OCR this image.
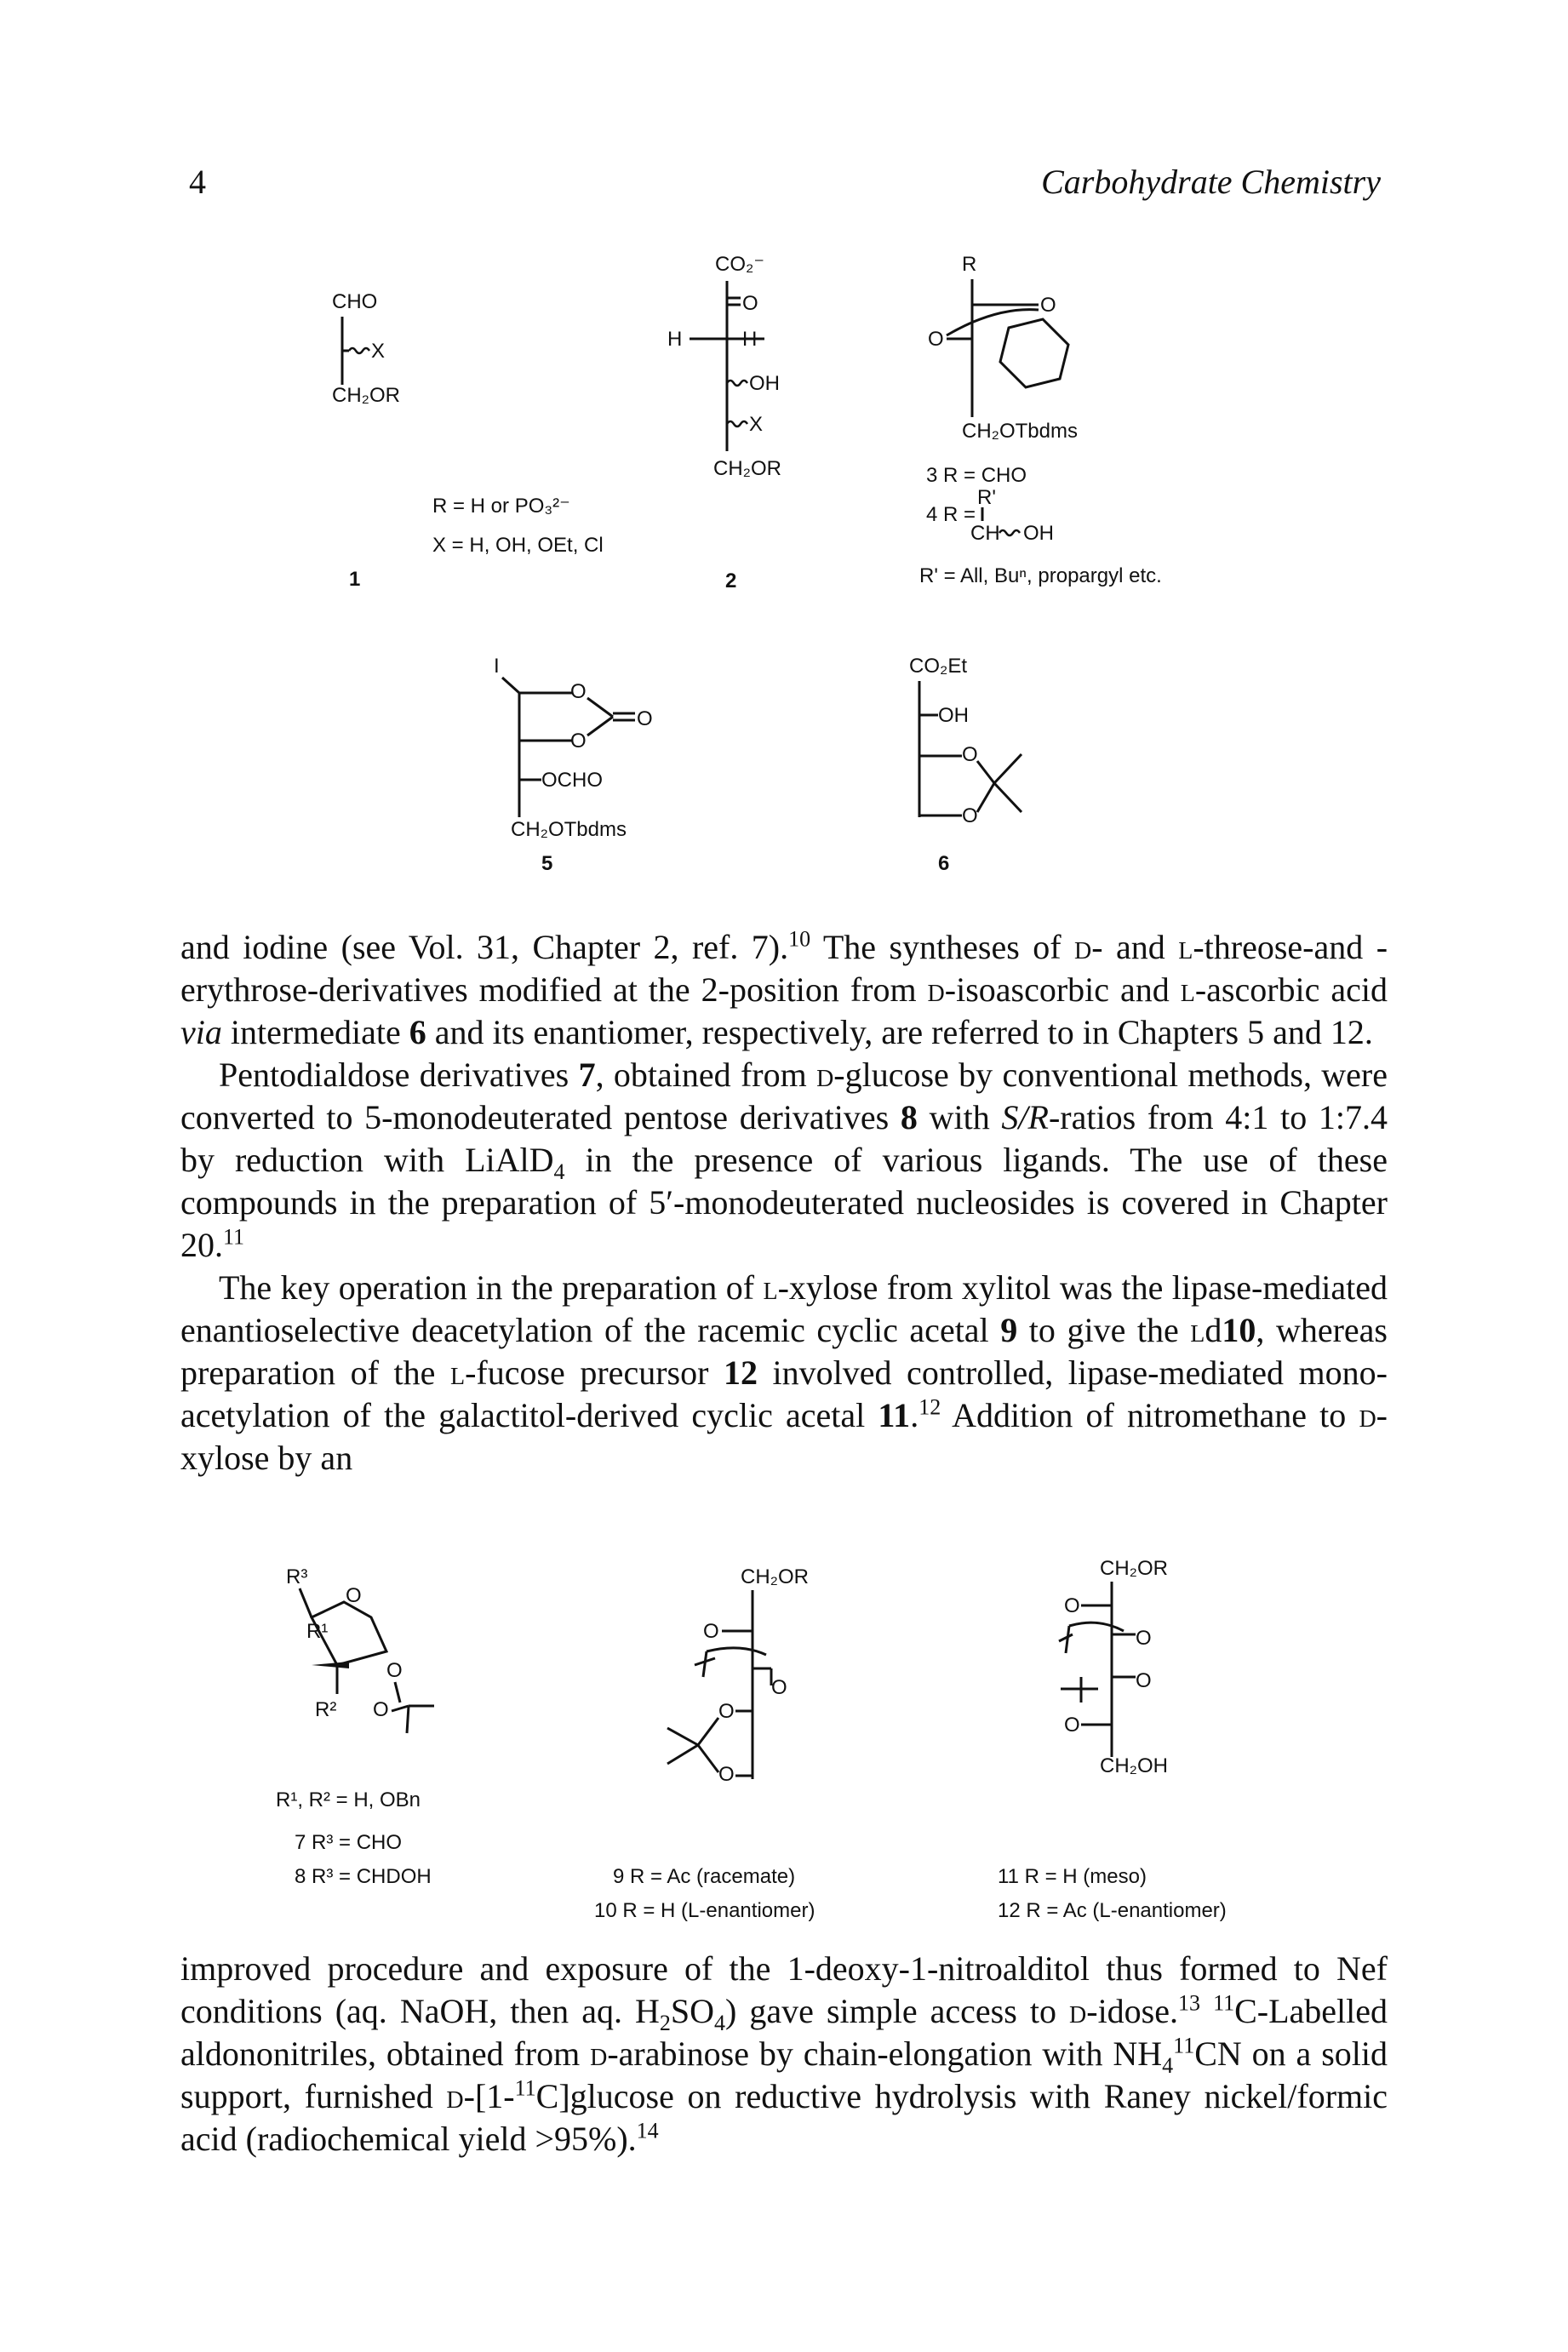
4	Carbohydrate Chemistry
CHO
X
CH₂OR
R = H or PO₃²⁻
X = H, OH, OEt, Cl
1
CO₂⁻
O
H	H
OH
X
CH₂OR
2
R
O
O
CH₂OTbdms
3 R = CHO
4 R =
R'
CH OH
R' = All, Buⁿ, propargyl etc.
I
O
O
O
OCHO
CH₂OTbdms
5
CO₂Et
OH
O
O
6

and iodine (see Vol. 31, Chapter 2, ref. 7).$^{10}$ The syntheses of d- and l-threose-and -erythrose-derivatives modified at the 2-position from d-isoascorbic and l-ascorbic acid via intermediate 6 and its enantiomer, respectively, are referred to in Chapters 5 and 12.

Pentodialdose derivatives 7, obtained from d-glucose by conventional methods, were converted to 5-monodeuterated pentose derivatives 8 with S/R-ratios from 4:1 to 1:7.4 by reduction with LiAlD$_4$ in the presence of various ligands. The use of these compounds in the preparation of 5′-monodeuterated nucleosides is covered in Chapter 20.11

The key operation in the preparation of l-xylose from xylitol was the lipase-mediated enantioselective deacetylation of the racemic cyclic acetal 9 to give the ld10, whereas preparation of the l-fucose precursor 12 involved controlled, lipase-mediated mono-acetylation of the galactitol-derived cyclic acetal 11.12 Addition of nitromethane to d-xylose by an

R³
O
R¹
R²
O
O
R¹, R² = H, OBn
7 R³ = CHO
8 R³ = CHDOH
CH₂OR
O
O
O
O
9 R = Ac (racemate)
10 R = H (L-enantiomer)
CH₂OR
O
O
O
O
CH₂OH
11 R = H (meso)
12 R = Ac (L-enantiomer)

improved procedure and exposure of the 1-deoxy-1-nitroalditol thus formed to Nef conditions (aq. NaOH, then aq. $H_2SO_4$) gave simple access to d-idose.$^{13}$ $^{11}$C-Labelled aldononitriles, obtained from d-arabinose by chain-elongation with $NH_4^{11}CN$ on a solid support, furnished d-[1-$^{11}$C]glucose on reductive hydrolysis with Raney nickel/formic acid (radiochemical yield >95%).$^{14}$
